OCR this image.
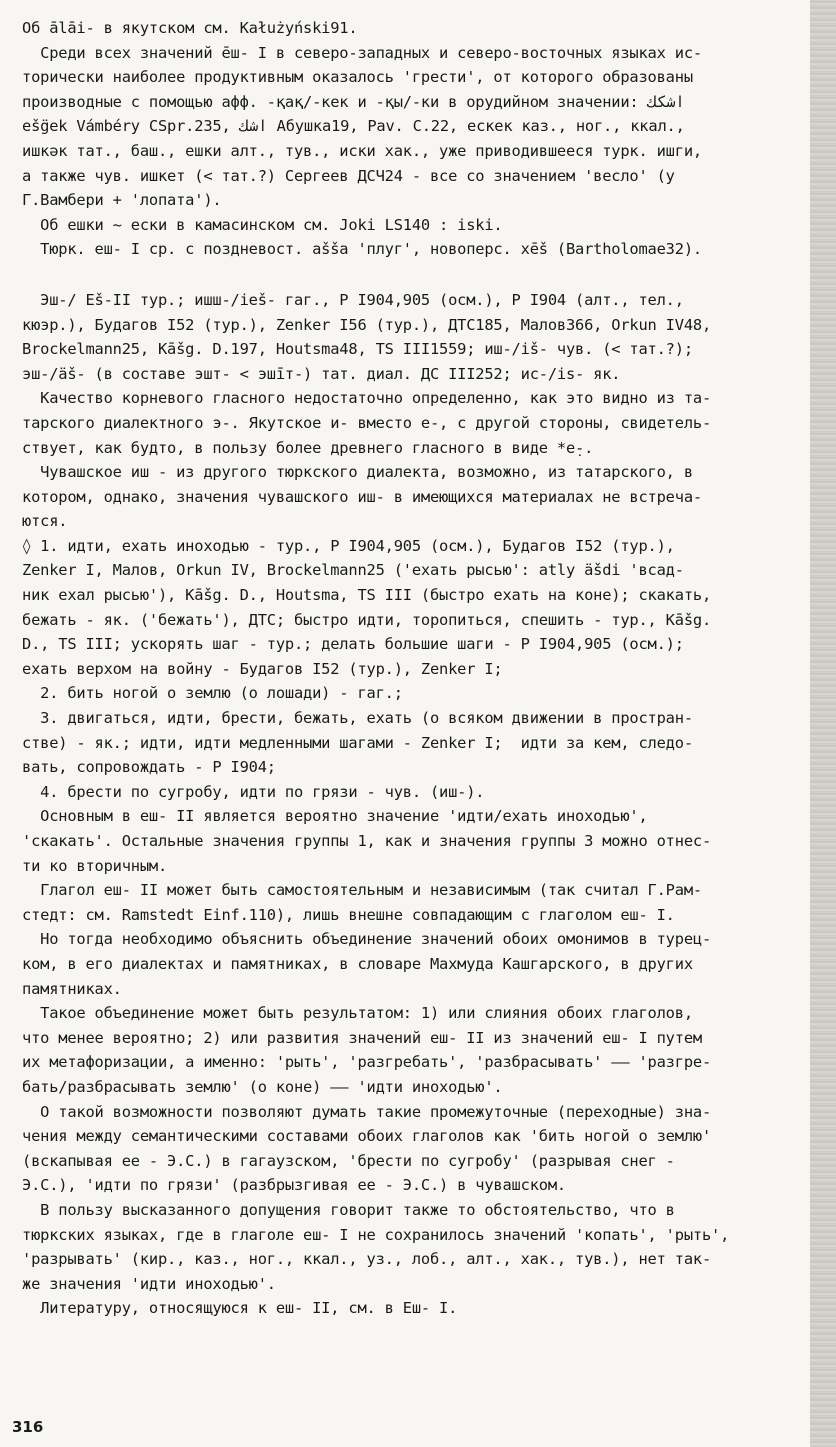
Об ālāi- в якутском см. Kałużyński91.
Среди всех значений ēш- I в северо-западных и северо-восточных языках ис-
торически наиболее продуктивным оказалось 'грести', от которого образованы
производные с помощью афф. -қақ/-кек и -қы/-ки в орудийном значении: اشكك
eš̈gek Vámbéry CSpr.235, اشك Абушка19, Pav. C.22, ескек каз., ног., ккал.,
ишкәк тат., баш., ешки алт., тув., иски хак., уже приводившееся турк. ишги,
а также чув. ишкет (< тат.?) Сергеев ДСЧ24 - все со значением 'весло' (у
Г.Вамбери + 'лопата').
Об ешки ~ ески в камасинском см. Joki LS140 : iski.
Тюрк. еш- I ср. с поздневост. ašša 'плуг', новоперс. xēš (Bartholomae32).
Эш-/ Eš-II тур.; ишш-/iеš- гаг., P I904,905 (осм.), P I904 (алт., тел.,
кюэр.), Будагов I52 (тур.), Zenker I56 (тур.), ДТС185, Малов366, Orkun IV48,
Brockelmann25, Kāšg. D.197, Houtsma48, TS III1559; иш-/iš- чув. (< тат.?);
эш-/äš- (в составе эшт- < эшīт-) тат. диал. ДС III252; ис-/is- як.
Качество корневого гласного недостаточно определенно, как это видно из та-
тарского диалектного э-. Якутское и- вместо е-, с другой стороны, свидетель-
ствует, как будто, в пользу более древнего гласного в виде *е̣-.
Чувашское иш - из другого тюркского диалекта, возможно, из татарского, в
котором, однако, значения чувашского иш- в имеющихся материалах не встреча-
ются.
◊ 1. идти, ехать иноходью - тур., P I904,905 (осм.), Будагов I52 (тур.),
Zenker I, Малов, Orkun IV, Brockelmann25 ('ехать рысью': atly äšdi 'всад-
ник ехал рысью'), Kāšg. D., Houtsma, TS III (быстро ехать на коне); скакать,
бежать - як. ('бежать'), ДТС; быстро идти, торопиться, спешить - тур., Kāšg.
D., TS III; ускорять шаг - тур.; делать большие шаги - P I904,905 (осм.);
ехать верхом на войну - Будагов I52 (тур.), Zenker I;
2. бить ногой о землю (о лошади) - гаг.;
3. двигаться, идти, брести, бежать, ехать (о всяком движении в простран-
стве) - як.; идти, идти медленными шагами - Zenker I;  идти за кем, следо-
вать, сопровождать - P I904;
4. брести по сугробу, идти по грязи - чув. (иш-).
Основным в еш- II является вероятно значение 'идти/ехать иноходью',
'скакать'. Остальные значения группы 1, как и значения группы 3 можно отнес-
ти ко вторичным.
Глагол еш- II может быть самостоятельным и независимым (так считал Г.Рам-
стедт: см. Ramstedt Einf.110), лишь внешне совпадающим с глаголом еш- I.
Но тогда необходимо объяснить объединение значений обоих омонимов в турец-
ком, в его диалектах и памятниках, в словаре Махмуда Кашгарского, в других
памятниках.
Такое объединение может быть результатом: 1) или слияния обоих глаголов,
что менее вероятно; 2) или развития значений еш- II из значений еш- I путем
их метафоризации, а именно: 'рыть', 'разгребать', 'разбрасывать' —— 'разгре-
бать/разбрасывать землю' (о коне) —— 'идти иноходью'.
О такой возможности позволяют думать такие промежуточные (переходные) зна-
чения между семантическими составами обоих глаголов как 'бить ногой о землю'
(вскапывая ее - Э.С.) в гагаузском, 'брести по сугробу' (разрывая снег -
Э.С.), 'идти по грязи' (разбрызгивая ее - Э.С.) в чувашском.
В пользу высказанного допущения говорит также то обстоятельство, что в
тюркских языках, где в глаголе еш- I не сохранилось значений 'копать', 'рыть',
'разрывать' (кир., каз., ног., ккал., уз., лоб., алт., хак., тув.), нет так-
же значения 'идти иноходью'.
Литературу, относящуюся к еш- II, см. в Еш- I.
316
